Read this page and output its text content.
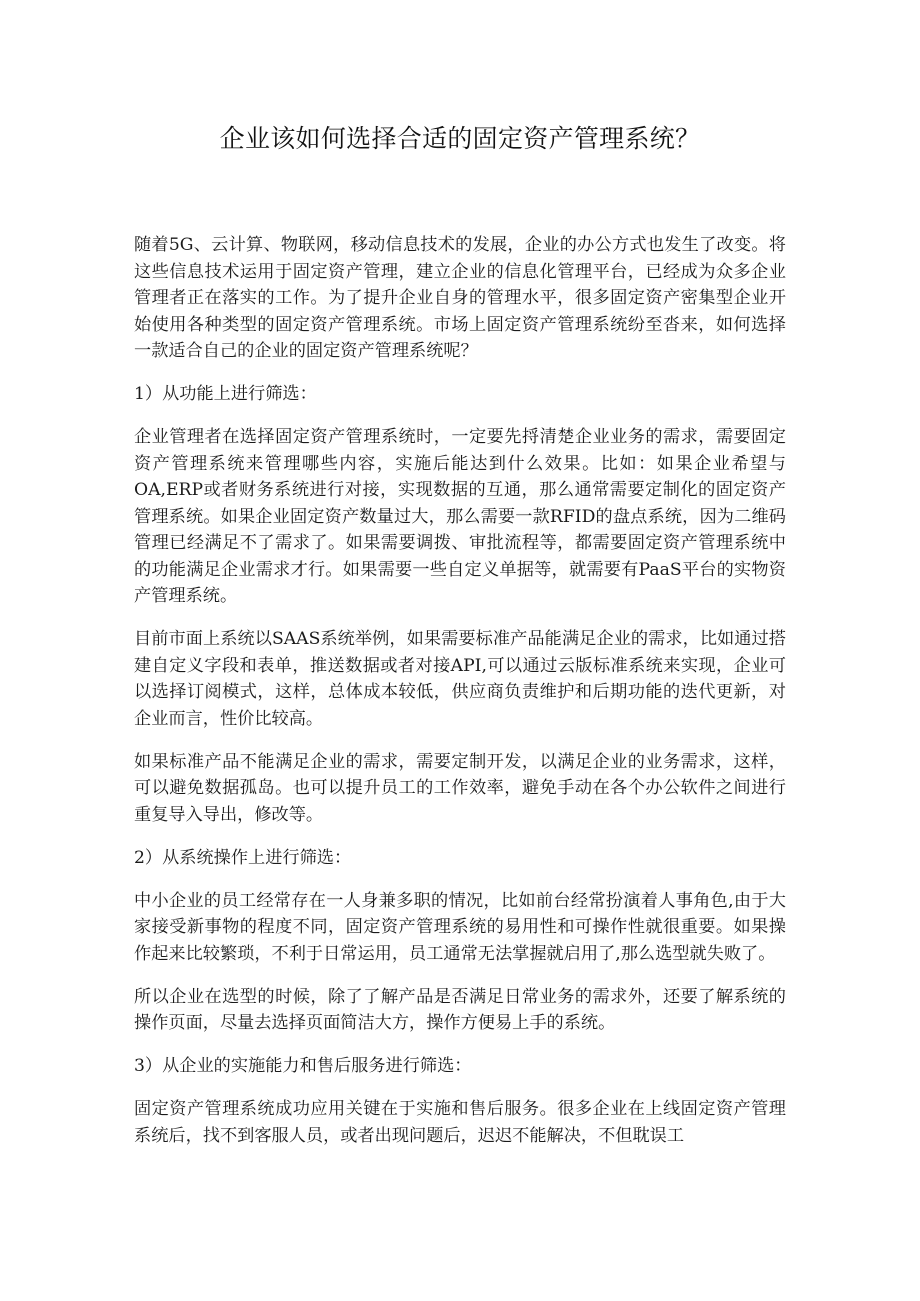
企业该如何选择合适的固定资产管理系统？

随着5G、云计算、物联网，移动信息技术的发展，企业的办公方式也发生了改变。将这些信息技术运用于固定资产管理，建立企业的信息化管理平台，已经成为众多企业管理者正在落实的工作。为了提升企业自身的管理水平，很多固定资产密集型企业开始使用各种类型的固定资产管理系统。市场上固定资产管理系统纷至沓来，如何选择一款适合自己的企业的固定资产管理系统呢？

1）从功能上进行筛选：

企业管理者在选择固定资产管理系统时，一定要先捋清楚企业业务的需求，需要固定资产管理系统来管理哪些内容，实施后能达到什么效果。比如：如果企业希望与OA,ERP或者财务系统进行对接，实现数据的互通，那么通常需要定制化的固定资产管理系统。如果企业固定资产数量过大，那么需要一款RFID的盘点系统，因为二维码管理已经满足不了需求了。如果需要调拨、审批流程等，都需要固定资产管理系统中的功能满足企业需求才行。如果需要一些自定义单据等，就需要有PaaS平台的实物资产管理系统。

目前市面上系统以SAAS系统举例，如果需要标准产品能满足企业的需求，比如通过搭建自定义字段和表单，推送数据或者对接API,可以通过云版标准系统来实现，企业可以选择订阅模式，这样，总体成本较低，供应商负责维护和后期功能的迭代更新，对企业而言，性价比较高。

如果标准产品不能满足企业的需求，需要定制开发，以满足企业的业务需求，这样，可以避免数据孤岛。也可以提升员工的工作效率，避免手动在各个办公软件之间进行重复导入导出，修改等。

2）从系统操作上进行筛选：

中小企业的员工经常存在一人身兼多职的情况，比如前台经常扮演着人事角色,由于大家接受新事物的程度不同，固定资产管理系统的易用性和可操作性就很重要。如果操作起来比较繁琐，不利于日常运用，员工通常无法掌握就启用了,那么选型就失败了。

所以企业在选型的时候，除了了解产品是否满足日常业务的需求外，还要了解系统的操作页面，尽量去选择页面简洁大方，操作方便易上手的系统。

3）从企业的实施能力和售后服务进行筛选：

固定资产管理系统成功应用关键在于实施和售后服务。很多企业在上线固定资产管理系统后，找不到客服人员，或者出现问题后，迟迟不能解决，不但耽误工
